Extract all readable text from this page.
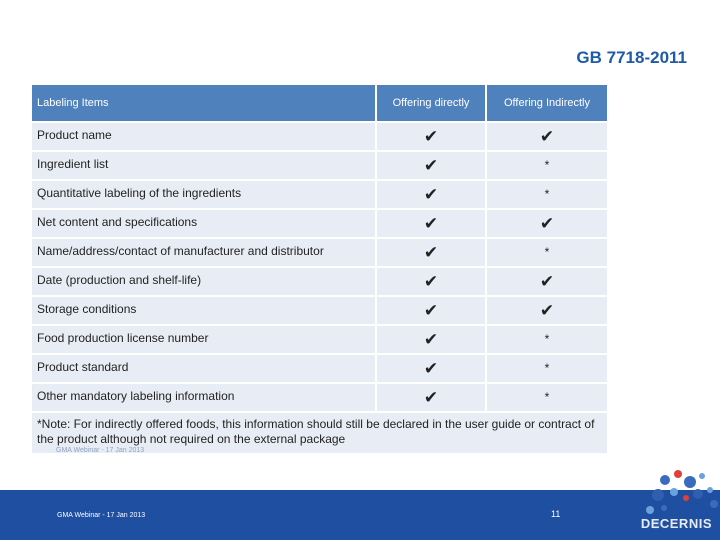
GB 7718-2011
Labeling Items	Offering directly	Offering Indirectly
Product name	✔	✔
Ingredient list	✔	*
Quantitative labeling of the ingredients	✔	*
Net content and specifications	✔	✔
Name/address/contact of manufacturer and distributor	✔	*
Date (production and shelf-life)	✔	✔
Storage conditions	✔	✔
Food production license number	✔	*
Product standard	✔	*
Other mandatory labeling information	✔	*
*Note: For indirectly offered foods, this information should still be declared in the user guide or contract of the product although not required on the external package
GMA Webinar - 17 Jan 2013		
GMA Webinar - 17 Jan 2013	11
DECERNIS
